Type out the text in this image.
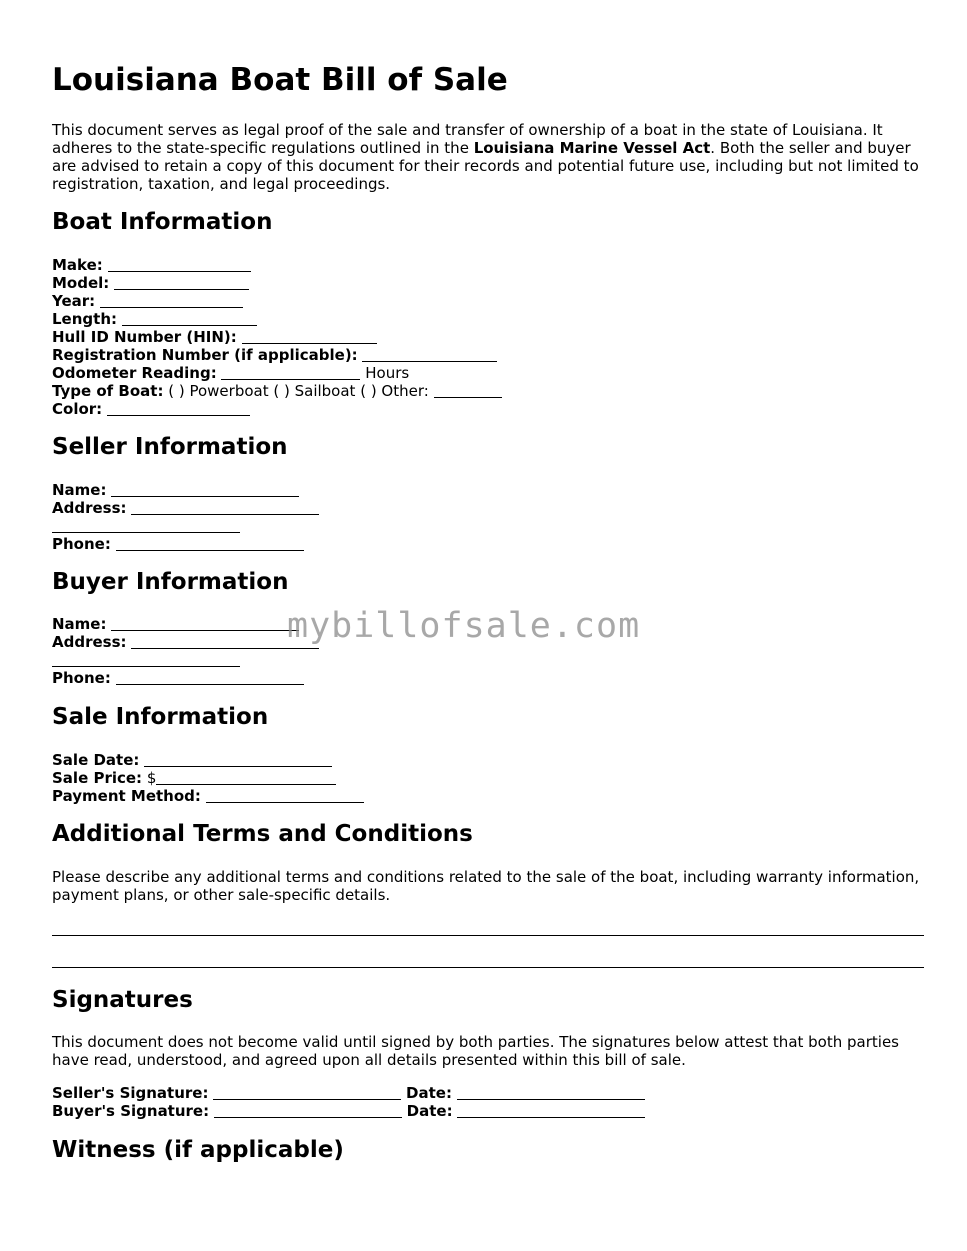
Louisiana Boat Bill of Sale

This document serves as legal proof of the sale and transfer of ownership of a boat in the state of Louisiana. It adheres to the state-specific regulations outlined in the Louisiana Marine Vessel Act. Both the seller and buyer are advised to retain a copy of this document for their records and potential future use, including but not limited to registration, taxation, and legal proceedings.

Boat Information
Make:
Model:
Year:
Length:
Hull ID Number (HIN):
Registration Number (if applicable):
Odometer Reading:	Hours
Type of Boat: ( ) Powerboat ( ) Sailboat ( ) Other:
Color:
Seller Information
Name:
Address:
Phone:
Buyer Information
Name:
Address:
Phone:
Sale Information
Sale Date:
Sale Price: $
Payment Method:
Additional Terms and Conditions

Please describe any additional terms and conditions related to the sale of the boat, including warranty information, payment plans, or other sale-specific details.

Signatures

This document does not become valid until signed by both parties. The signatures below attest that both parties have read, understood, and agreed upon all details presented within this bill of sale.

Seller's Signature:	Date:
Buyer's Signature:	Date:
Witness (if applicable)
mybillofsale.com
